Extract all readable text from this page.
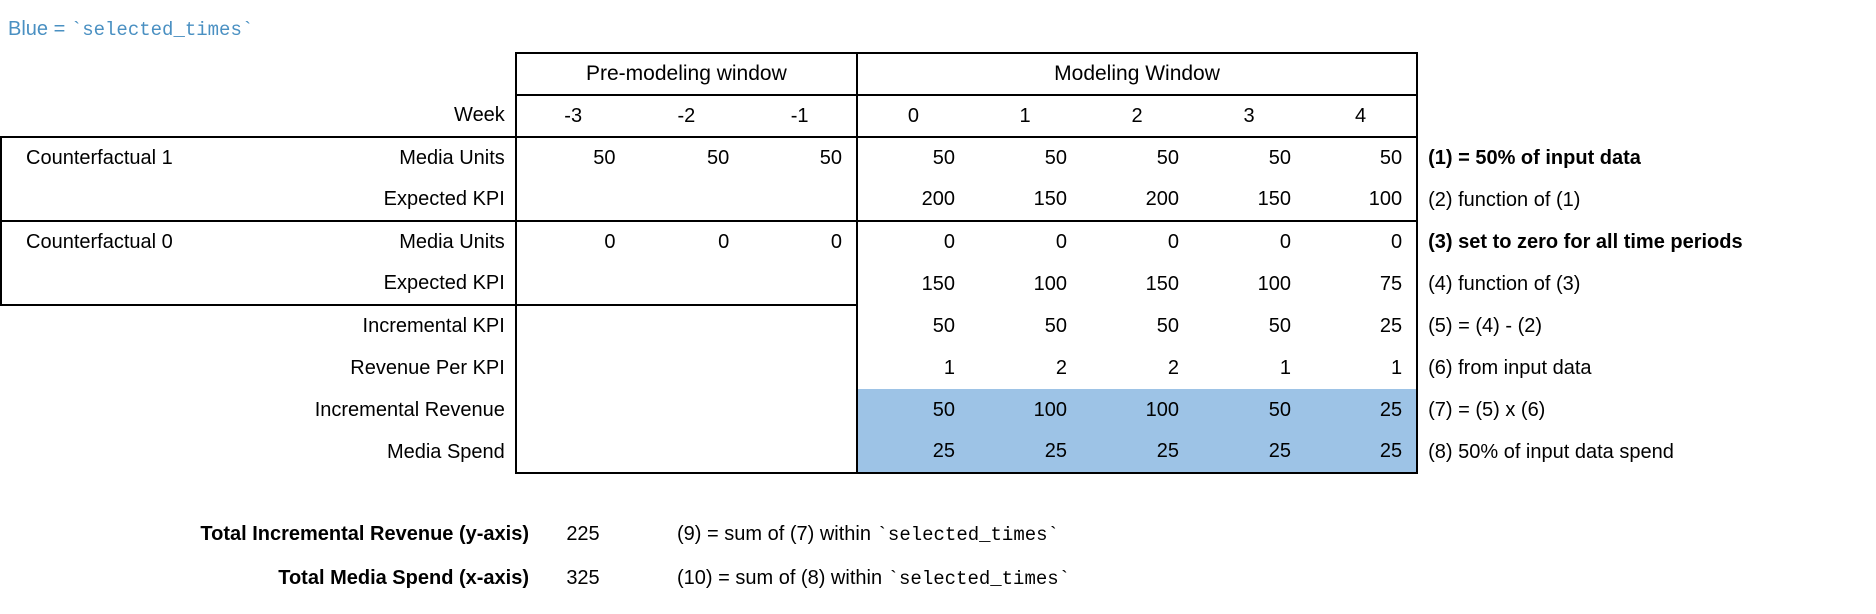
Blue = `selected_times`
		Pre-modeling window			Modeling Window					
	Week	-3	-2	-1	0	1	2	3	4	
Counterfactual 1	Media Units	50	50	50	50	50	50	50	50	(1) = 50% of input data
	Expected KPI				200	150	200	150	100	(2) function of (1)
Counterfactual 0	Media Units	0	0	0	0	0	0	0	0	(3) set to zero for all time periods
	Expected KPI				150	100	150	100	75	(4) function of (3)
	Incremental KPI				50	50	50	50	25	(5) = (4) - (2)
	Revenue Per KPI				1	2	2	1	1	(6) from input data
	Incremental Revenue				50	100	100	50	25	(7) = (5) x (6)
	Media Spend				25	25	25	25	25	(8) 50% of input data spend
Total Incremental Revenue (y-axis)	225	(9) = sum of (7) within `selected_times`
Total Media Spend (x-axis)	325	(10) = sum of (8) within `selected_times`
